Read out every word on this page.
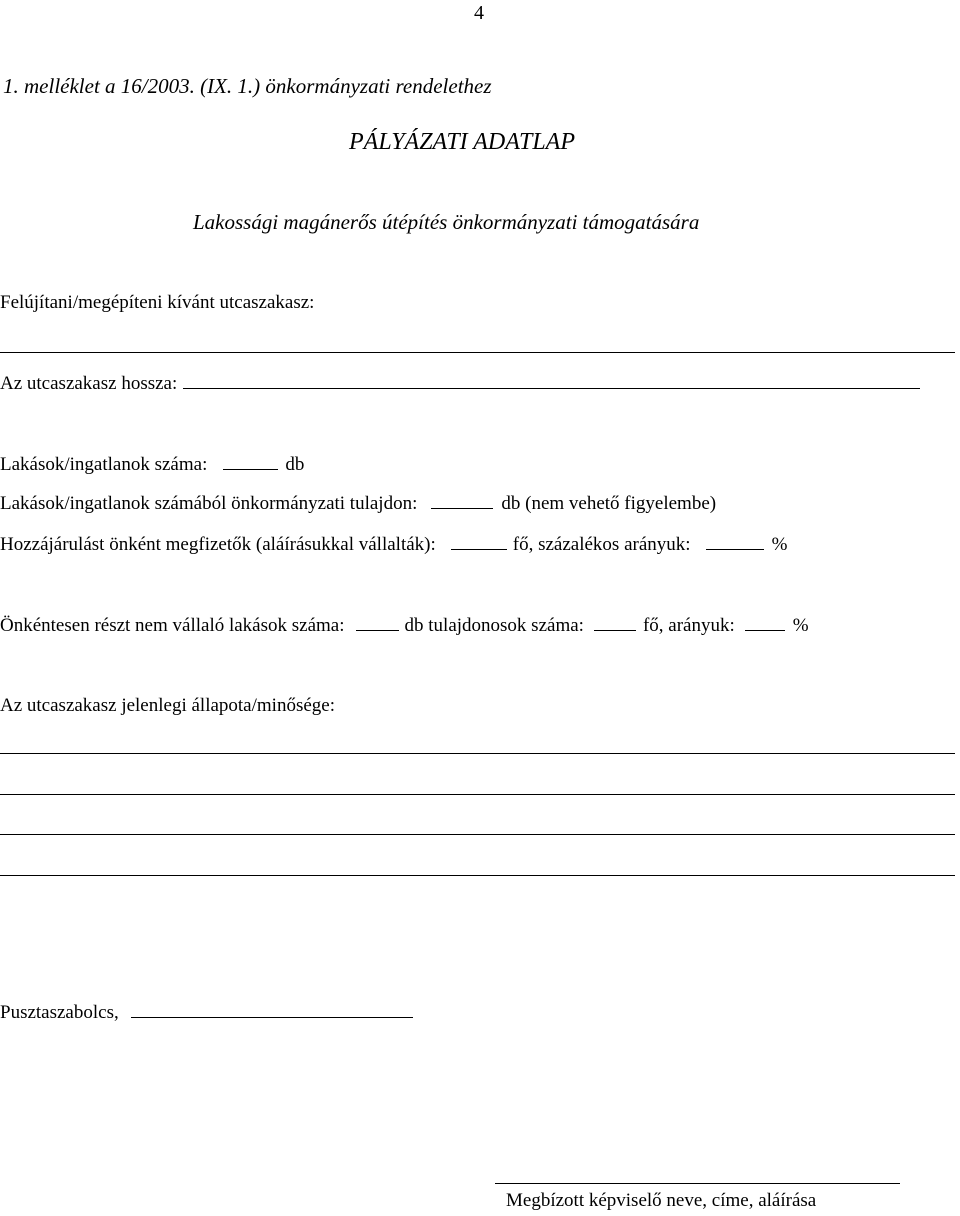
4
1. melléklet a 16/2003. (IX. 1.) önkormányzati rendelethez
PÁLYÁZATI ADATLAP
Lakossági magánerős útépítés önkormányzati támogatására
Felújítani/megépíteni kívánt utcaszakasz:
Az utcaszakasz hossza:
Lakások/ingatlanok száma:	db
Lakások/ingatlanok számából önkormányzati tulajdon:	db (nem vehető figyelembe)
Hozzájárulást önként megfizetők (aláírásukkal vállalták):	fő, százalékos arányuk:	%
Önkéntesen részt nem vállaló lakások száma:	db tulajdonosok száma:	fő, arányuk:	%
Az utcaszakasz jelenlegi állapota/minősége:
Pusztaszabolcs,
Megbízott képviselő neve, címe, aláírása
